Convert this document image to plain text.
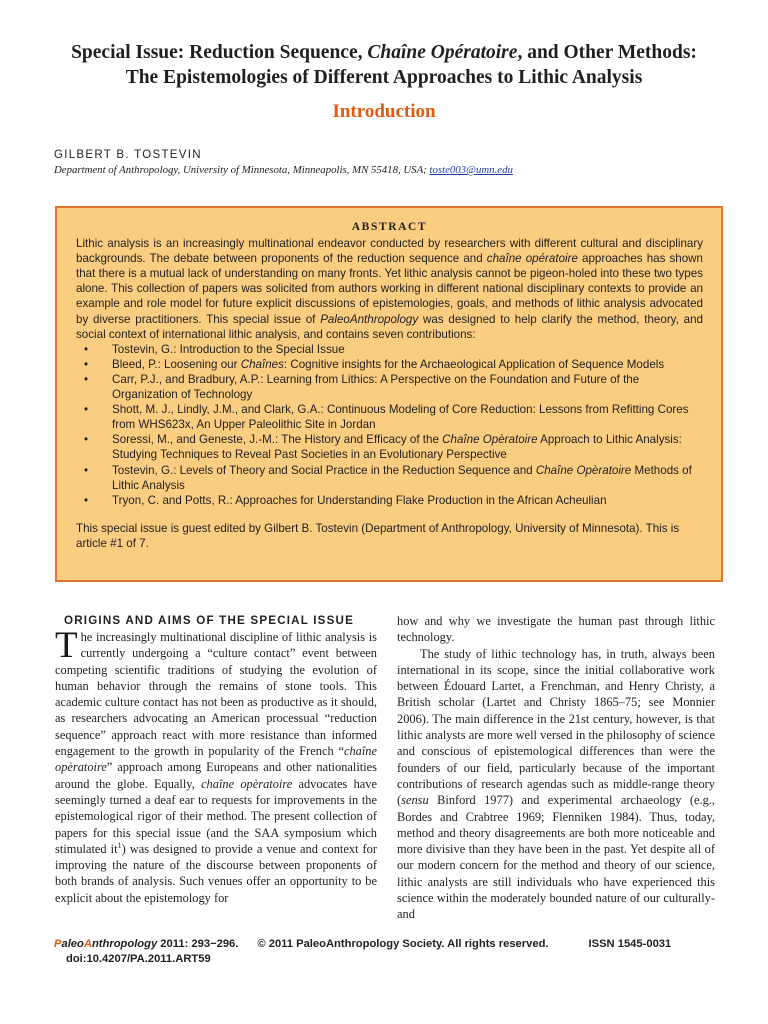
Special Issue: Reduction Sequence, Chaîne Opératoire, and Other Methods:
The Epistemologies of Different Approaches to Lithic Analysis
Introduction
GILBERT B. TOSTEVIN
Department of Anthropology, University of Minnesota, Minneapolis, MN 55418, USA; toste003@umn.edu
ABSTRACT
Lithic analysis is an increasingly multinational endeavor conducted by researchers with different cultural and disciplinary backgrounds. The debate between proponents of the reduction sequence and chaîne opératoire approaches has shown that there is a mutual lack of understanding on many fronts. Yet lithic analysis cannot be pigeon-holed into these two types alone. This collection of papers was solicited from authors working in different national disciplinary contexts to provide an example and role model for future explicit discussions of epistemologies, goals, and methods of lithic analysis advocated by diverse practitioners. This special issue of PaleoAnthropology was designed to help clarify the method, theory, and social context of international lithic analysis, and contains seven contributions:
• Tostevin, G.: Introduction to the Special Issue
• Bleed, P.: Loosening our Chaînes: Cognitive insights for the Archaeological Application of Sequence Models
• Carr, P.J., and Bradbury, A.P.: Learning from Lithics: A Perspective on the Foundation and Future of the Organization of Technology
• Shott, M. J., Lindly, J.M., and Clark, G.A.: Continuous Modeling of Core Reduction: Lessons from Refitting Cores from WHS623x, An Upper Paleolithic Site in Jordan
• Soressi, M., and Geneste, J.-M.: The History and Efficacy of the Chaîne Opèratoire Approach to Lithic Analysis: Studying Techniques to Reveal Past Societies in an Evolutionary Perspective
• Tostevin, G.: Levels of Theory and Social Practice in the Reduction Sequence and Chaîne Opèratoire Methods of Lithic Analysis
• Tryon, C. and Potts, R.: Approaches for Understanding Flake Production in the African Acheulian
This special issue is guest edited by Gilbert B. Tostevin (Department of Anthropology, University of Minnesota). This is article #1 of 7.
ORIGINS AND AIMS OF THE SPECIAL ISSUE

The increasingly multinational discipline of lithic analysis is currently undergoing a “culture contact” event between competing scientific traditions of studying the evolution of human behavior through the remains of stone tools. This academic culture contact has not been as productive as it should, as researchers advocating an American processual “reduction sequence” approach react with more resistance than informed engagement to the growth in popularity of the French “chaîne opèratoire” approach among Europeans and other nationalities around the globe. Equally, chaîne opèratoire advocates have seemingly turned a deaf ear to requests for improvements in the epistemological rigor of their method. The present collection of papers for this special issue (and the SAA symposium which stimulated $it^1$) was designed to provide a venue and context for improving the nature of the discourse between proponents of both brands of analysis. Such venues offer an opportunity to be explicit about the epistemology for

how and why we investigate the human past through lithic technology.

The study of lithic technology has, in truth, always been international in its scope, since the initial collaborative work between Édouard Lartet, a Frenchman, and Henry Christy, a British scholar (Lartet and Christy 1865–75; see Monnier 2006). The main difference in the 21st century, however, is that lithic analysts are more well versed in the philosophy of science and conscious of epistemological differences than were the founders of our field, particularly because of the important contributions of research agendas such as middle-range theory (sensu Binford 1977) and experimental archaeology (e.g., Bordes and Crabtree 1969; Flenniken 1984). Thus, today, method and theory disagreements are both more noticeable and more divisive than they have been in the past. Yet despite all of our modern concern for the method and theory of our science, lithic analysts are still individuals who have experienced this science within the moderately bounded nature of our culturally- and

PaleoAnthropology 2011: 293−296. © 2011 PaleoAnthropology Society. All rights reserved.	ISSN 1545-0031
doi:10.4207/PA.2011.ART59
